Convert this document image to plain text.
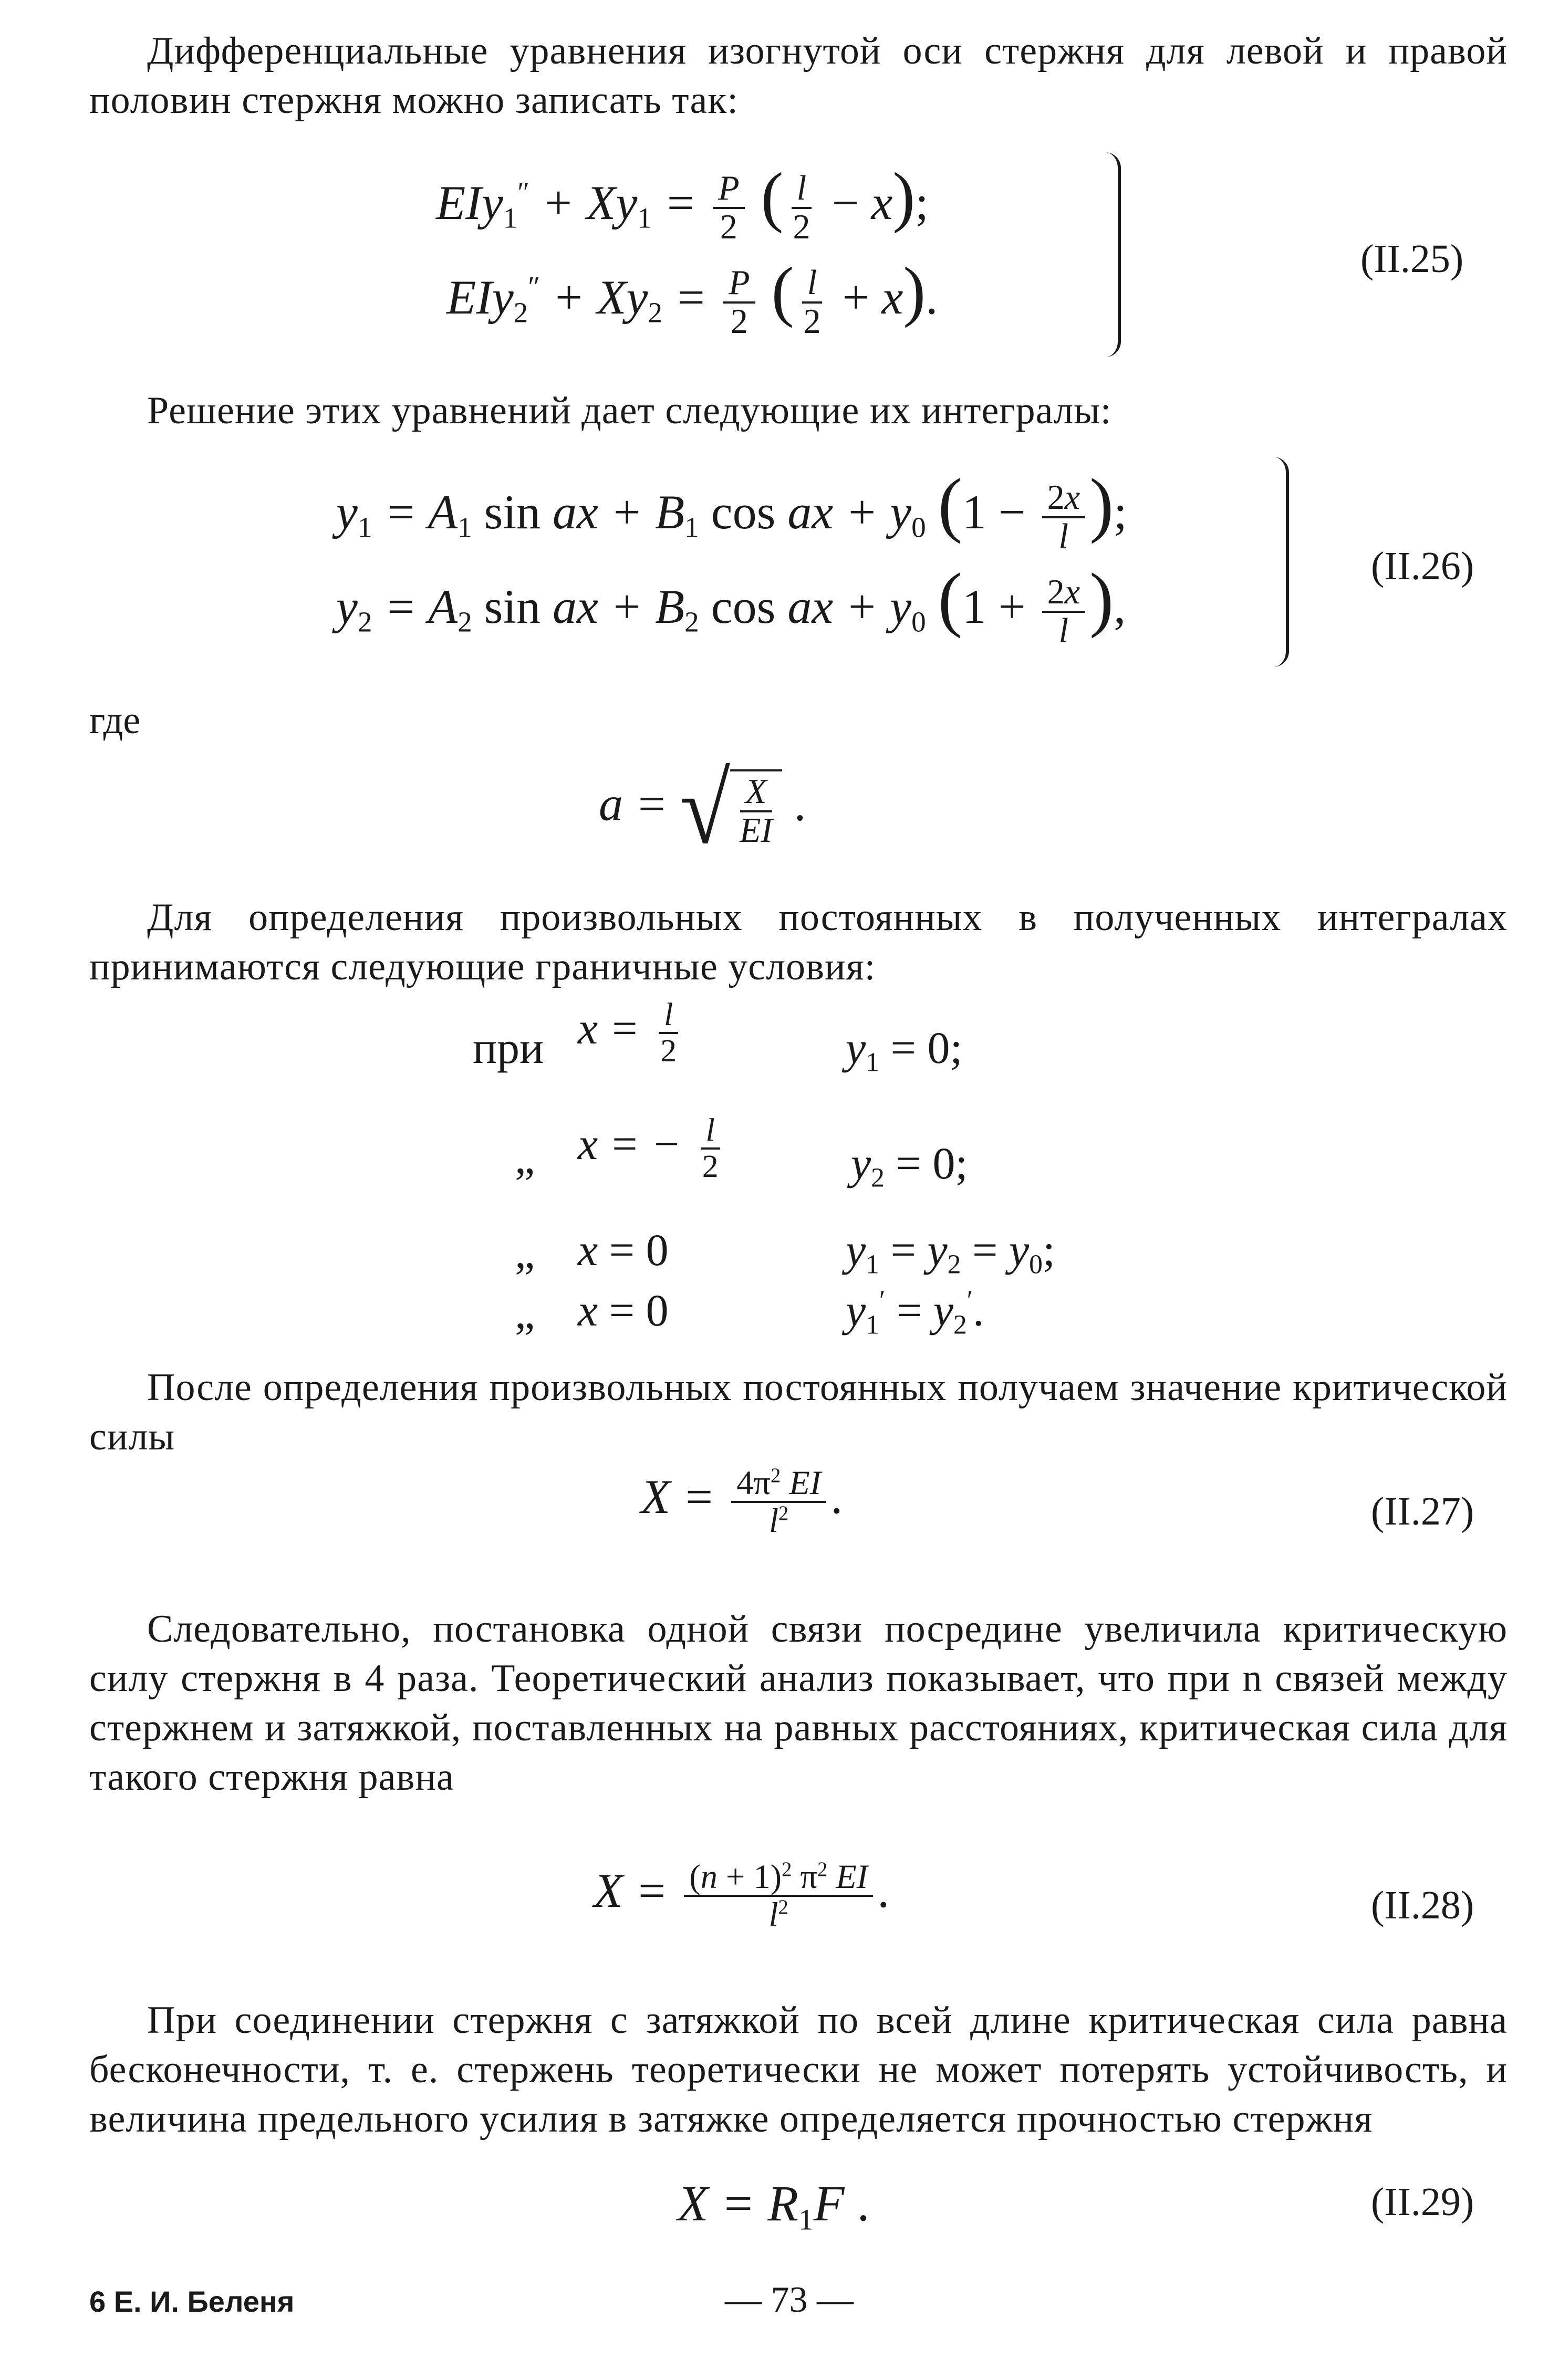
Дифференциальные уравнения изогнутой оси стержня для левой и правой половин стержня можно записать так:
$EIy_1'' + Xy_1 = \frac{P}{2}$ ( $\frac{l}{2} - x$);
$EIy_2'' + Xy_2 = \frac{P}{2}$ ( $\frac{l}{2} + x$).
(II.25)
Решение этих уравнений дает следующие их интегралы:
$y_1 = A_1$ sin ax + $B_1$ cos ax + $y_0$ ($1 - \frac{2x}{l}$ );
$y_2 = A_2$ sin ax + $B_2$ cos ax + $y_0$ ($1 + \frac{2x}{l}$ ),
(II.26)
где
a = √ $\frac{X}{EI}$ .
Для определения произвольных постоянных в полученных интегралах принимаются следующие граничные условия:
при $x = \frac{l}{2}$	$y_1 = 0$;
„ x = − $\frac{l}{2}$	$y_2 = 0$;
„ x = 0	$y_1 = y_2 = y_0$;
„ x = 0	$y_1' = y_2'$.
После определения произвольных постоянных получаем значение критической силы
$X = \frac{4\pi^2 EI}{l^2}$ .	(II.27)
Следовательно, постановка одной связи посредине увеличила критическую силу стержня в 4 раза. Теоретический анализ показывает, что при n связей между стержнем и затяжкой, поставленных на равных расстояниях, критическая сила для такого стержня равна
$X = \frac{(n + 1)^2 \pi^2 EI}{l^2}$ .	(II.28)
При соединении стержня с затяжкой по всей длине критическая сила равна бесконечности, т. е. стержень теоретически не может потерять устойчивость, и величина предельного усилия в затяжке определяется прочностью стержня
$X = R_1F$ .	(II.29)
6 Е. И. Беленя	— 73 —
